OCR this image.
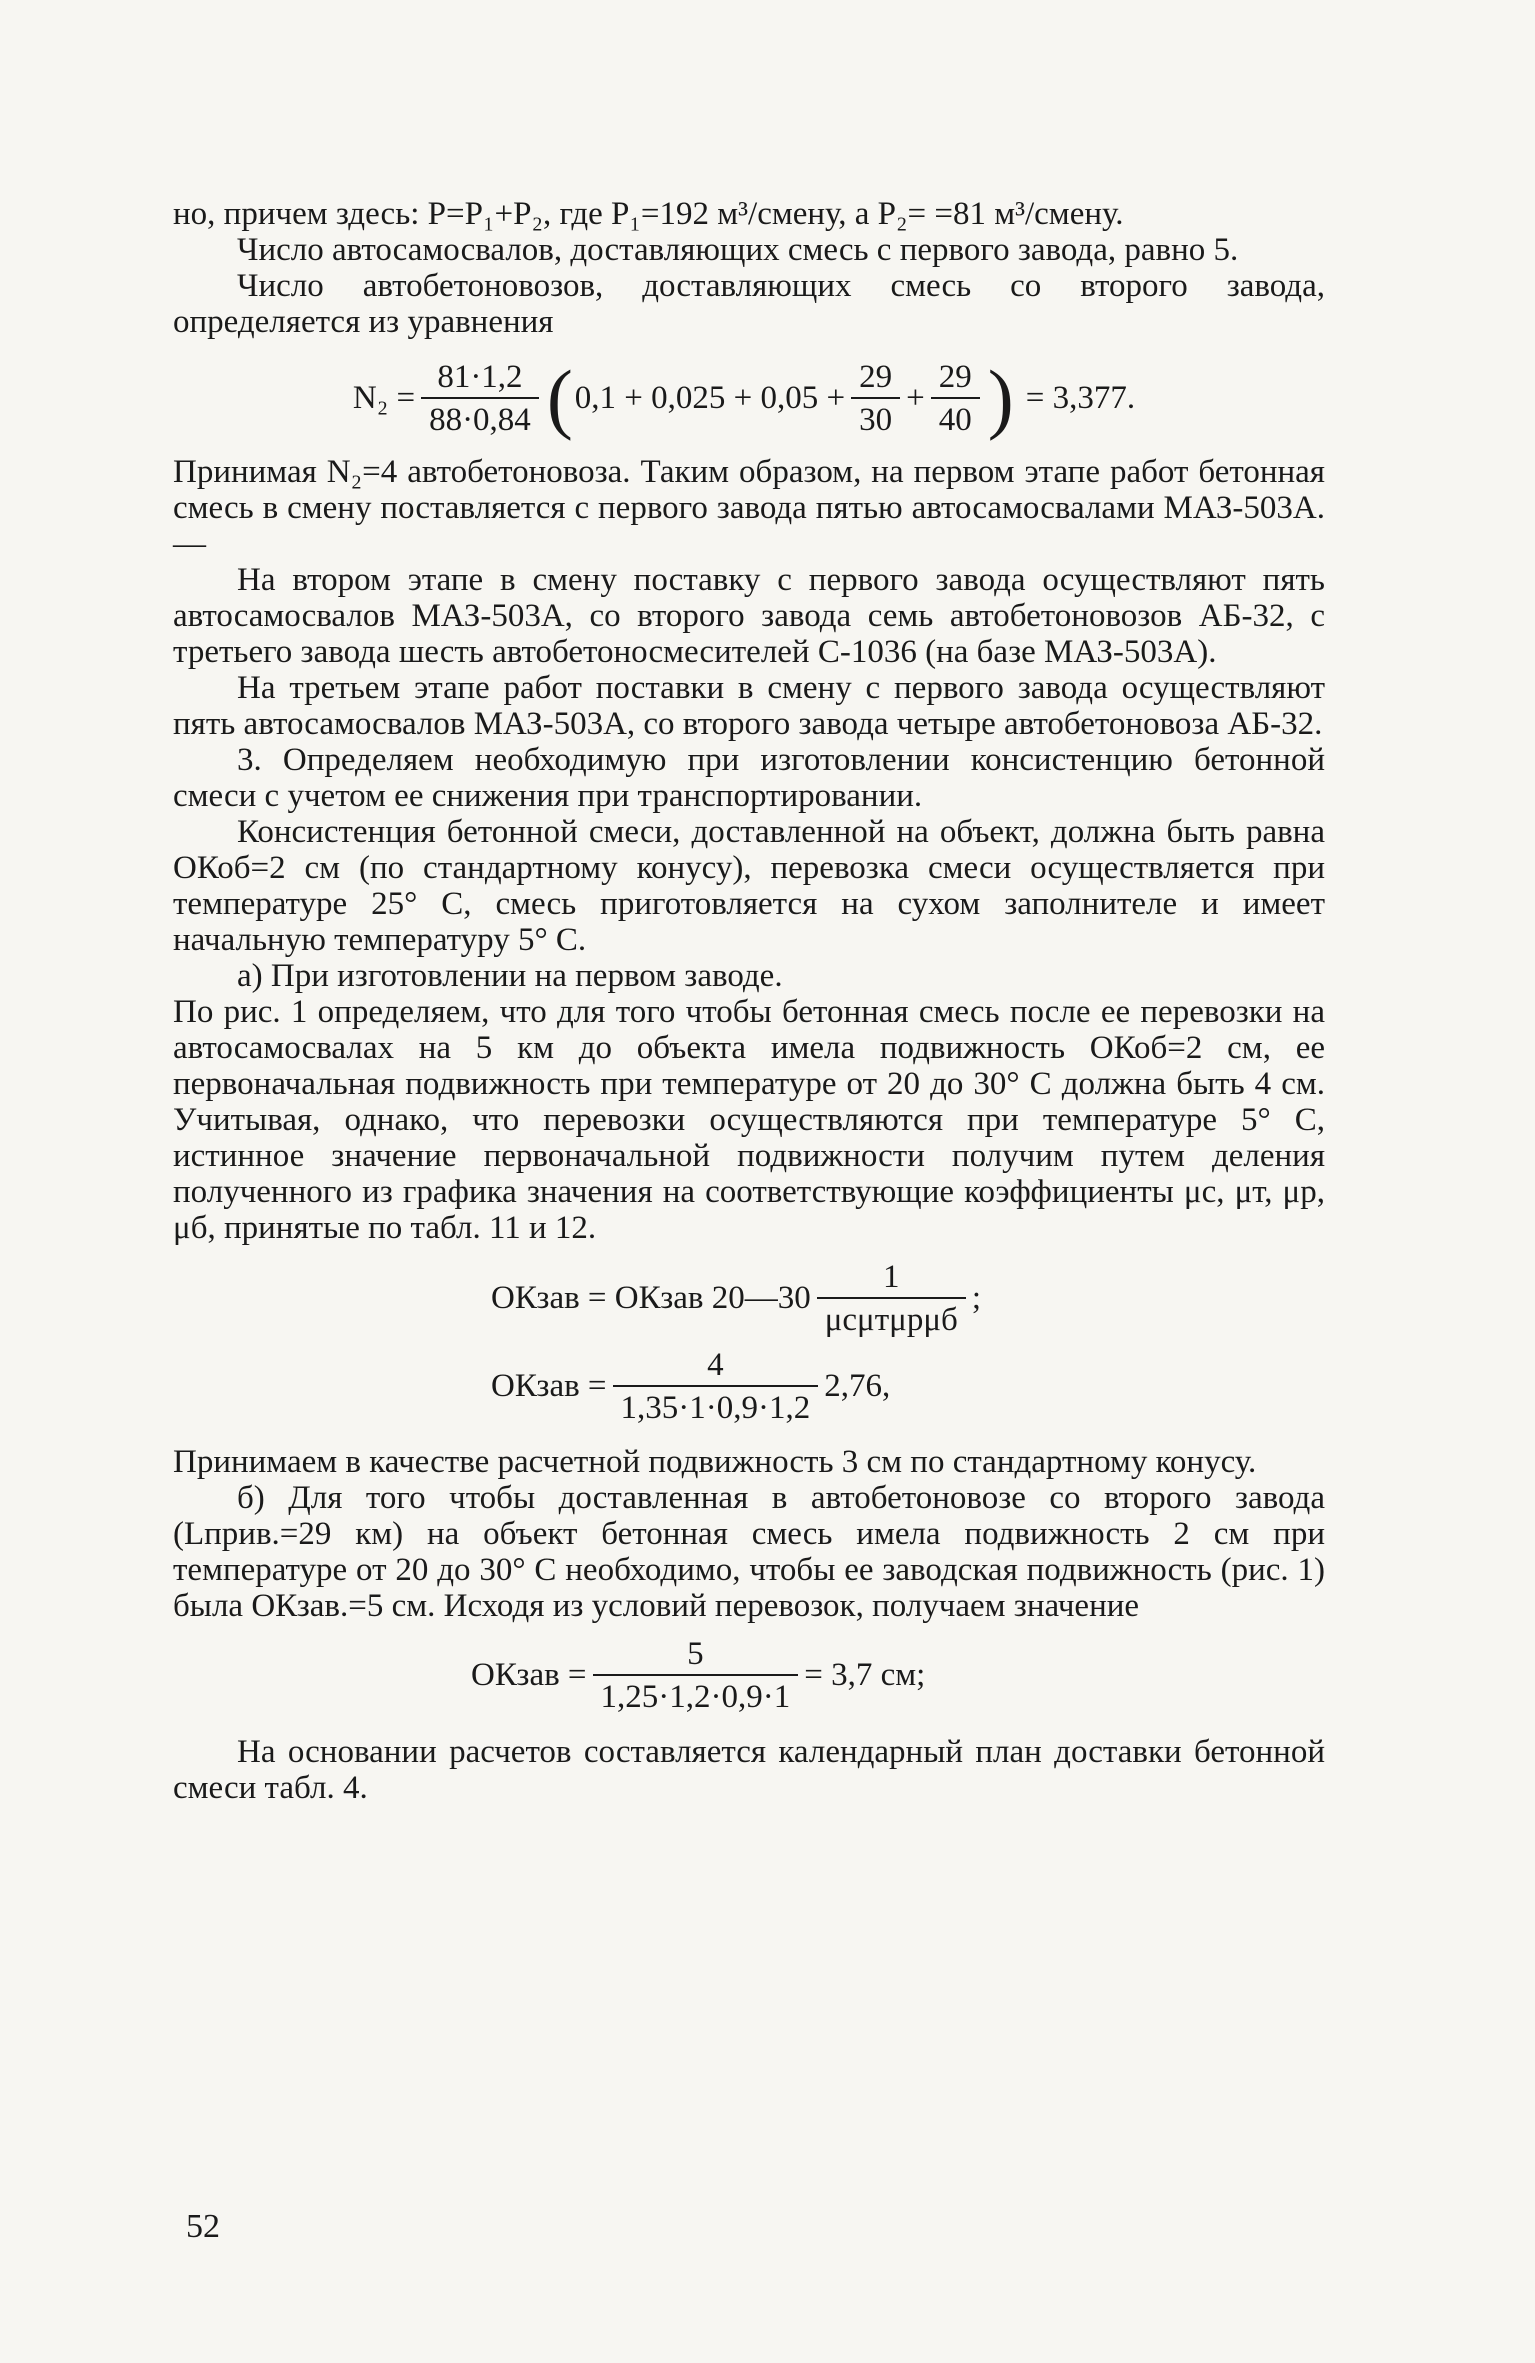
но, причем здесь: P=P₁+P₂, где P₁=192 м³/смену, а P₂= =81 м³/смену.

Число автосамосвалов, доставляющих смесь с первого завода, равно 5.

Число автобетоновозов, доставляющих смесь со второго завода, определяется из уравнения

$N_2 = \frac{81\cdot 1,2}{88\cdot 0,84}$ ( $0,1 + 0,025 + 0,05 + \frac{29}{30} + \frac{29}{40}$ ) = 3,377.

Принимая N₂=4 автобетоновоза. Таким образом, на первом этапе работ бетонная смесь в смену поставляется с первого завода пятью автосамосвалами МАЗ-503А. —

На втором этапе в смену поставку с первого завода осуществляют пять автосамосвалов МАЗ-503А, со второго завода семь автобетоновозов АБ-32, с третьего завода шесть автобетоносмесителей С-1036 (на базе МАЗ-503А).

На третьем этапе работ поставки в смену с первого завода осуществляют пять автосамосвалов МАЗ-503А, со второго завода четыре автобетоновоза АБ-32.

3. Определяем необходимую при изготовлении консистенцию бетонной смеси с учетом ее снижения при транспортировании.

Консистенция бетонной смеси, доставленной на объект, должна быть равна ОКоб=2 см (по стандартному конусу), перевозка смеси осуществляется при температуре 25° С, смесь приготовляется на сухом заполнителе и имеет начальную температуру 5° С.

а) При изготовлении на первом заводе.

По рис. 1 определяем, что для того чтобы бетонная смесь после ее перевозки на автосамосвалах на 5 км до объекта имела подвижность ОКоб=2 см, ее первоначальная подвижность при температуре от 20 до 30° С должна быть 4 см. Учитывая, однако, что перевозки осуществляются при температуре 5° С, истинное значение первоначальной подвижности получим путем деления полученного из графика значения на соответствующие коэффициенты μс, μт, μр, μб, принятые по табл. 11 и 12.

ОКзав = ОКзав 20—30 $\frac{1}{\text{μсμтμрμб}}$ ;
ОКзав = $\frac{4}{1,35\cdot 1\cdot 0,9\cdot 1,2} 2,76$,

Принимаем в качестве расчетной подвижность 3 см по стандартному конусу.

б) Для того чтобы доставленная в автобетоновозе со второго завода (Lприв.=29 км) на объект бетонная смесь имела подвижность 2 см при температуре от 20 до 30° С необходимо, чтобы ее заводская подвижность (рис. 1) была ОКзав.=5 см. Исходя из условий перевозок, получаем значение

ОКзав = $\frac{5}{1,25\cdot 1,2\cdot 0,9\cdot 1} = 3,7$ см;

На основании расчетов составляется календарный план доставки бетонной смеси табл. 4.

52
